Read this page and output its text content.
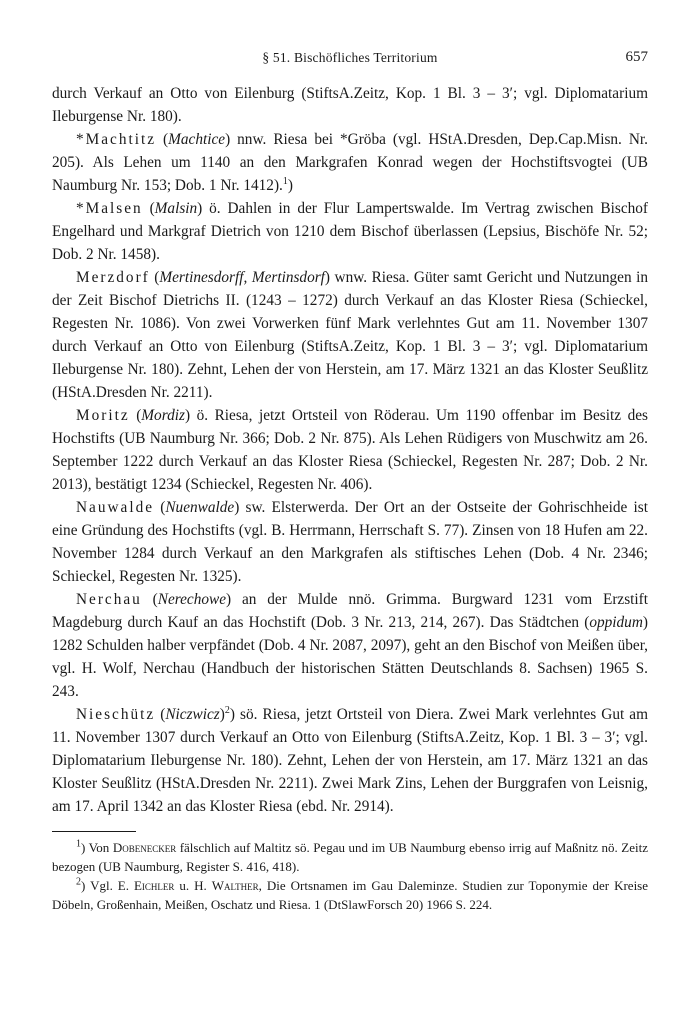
§ 51. Bischöfliches Territorium	657

durch Verkauf an Otto von Eilenburg (StiftsA.Zeitz, Kop. 1 Bl. 3 – 3′; vgl. Diplomatarium Ileburgense Nr. 180).

*Machtitz (Machtice) nnw. Riesa bei *Gröba (vgl. HStA.Dresden, Dep.Cap.Misn. Nr. 205). Als Lehen um 1140 an den Markgrafen Konrad wegen der Hochstiftsvogtei (UB Naumburg Nr. 153; Dob. 1 Nr. 1412).$^1$)

*Malsen (Malsin) ö. Dahlen in der Flur Lampertswalde. Im Vertrag zwischen Bischof Engelhard und Markgraf Dietrich von 1210 dem Bischof überlassen (Lepsius, Bischöfe Nr. 52; Dob. 2 Nr. 1458).

Merzdorf (Mertinesdorff, Mertinsdorf) wnw. Riesa. Güter samt Gericht und Nutzungen in der Zeit Bischof Dietrichs II. (1243 – 1272) durch Verkauf an das Kloster Riesa (Schieckel, Regesten Nr. 1086). Von zwei Vorwerken fünf Mark verlehntes Gut am 11. November 1307 durch Verkauf an Otto von Eilenburg (StiftsA.Zeitz, Kop. 1 Bl. 3 – 3′; vgl. Diplomatarium Ileburgense Nr. 180). Zehnt, Lehen der von Herstein, am 17. März 1321 an das Kloster Seußlitz (HStA.Dresden Nr. 2211).

Moritz (Mordiz) ö. Riesa, jetzt Ortsteil von Röderau. Um 1190 offenbar im Besitz des Hochstifts (UB Naumburg Nr. 366; Dob. 2 Nr. 875). Als Lehen Rüdigers von Muschwitz am 26. September 1222 durch Verkauf an das Kloster Riesa (Schieckel, Regesten Nr. 287; Dob. 2 Nr. 2013), bestätigt 1234 (Schieckel, Regesten Nr. 406).

Nauwalde (Nuenwalde) sw. Elsterwerda. Der Ort an der Ostseite der Gohrischheide ist eine Gründung des Hochstifts (vgl. B. Herrmann, Herrschaft S. 77). Zinsen von 18 Hufen am 22. November 1284 durch Verkauf an den Markgrafen als stiftisches Lehen (Dob. 4 Nr. 2346; Schieckel, Regesten Nr. 1325).

Nerchau (Nerechowe) an der Mulde nnö. Grimma. Burgward 1231 vom Erzstift Magdeburg durch Kauf an das Hochstift (Dob. 3 Nr. 213, 214, 267). Das Städtchen (oppidum) 1282 Schulden halber verpfändet (Dob. 4 Nr. 2087, 2097), geht an den Bischof von Meißen über, vgl. H. Wolf, Nerchau (Handbuch der historischen Stätten Deutschlands 8. Sachsen) 1965 S. 243.

Nieschütz (Niczwicz)$^2$) sö. Riesa, jetzt Ortsteil von Diera. Zwei Mark verlehntes Gut am 11. November 1307 durch Verkauf an Otto von Eilenburg (StiftsA.Zeitz, Kop. 1 Bl. 3 – 3′; vgl. Diplomatarium Ileburgense Nr. 180). Zehnt, Lehen der von Herstein, am 17. März 1321 an das Kloster Seußlitz (HStA.Dresden Nr. 2211). Zwei Mark Zins, Lehen der Burggrafen von Leisnig, am 17. April 1342 an das Kloster Riesa (ebd. Nr. 2914).

$^1$) Von Dobenecker fälschlich auf Maltitz sö. Pegau und im UB Naumburg ebenso irrig auf Maßnitz nö. Zeitz bezogen (UB Naumburg, Register S. 416, 418).

$^2$) Vgl. E. Eichler u. H. Walther, Die Ortsnamen im Gau Daleminze. Studien zur Toponymie der Kreise Döbeln, Großenhain, Meißen, Oschatz und Riesa. 1 (DtSlawForsch 20) 1966 S. 224.
